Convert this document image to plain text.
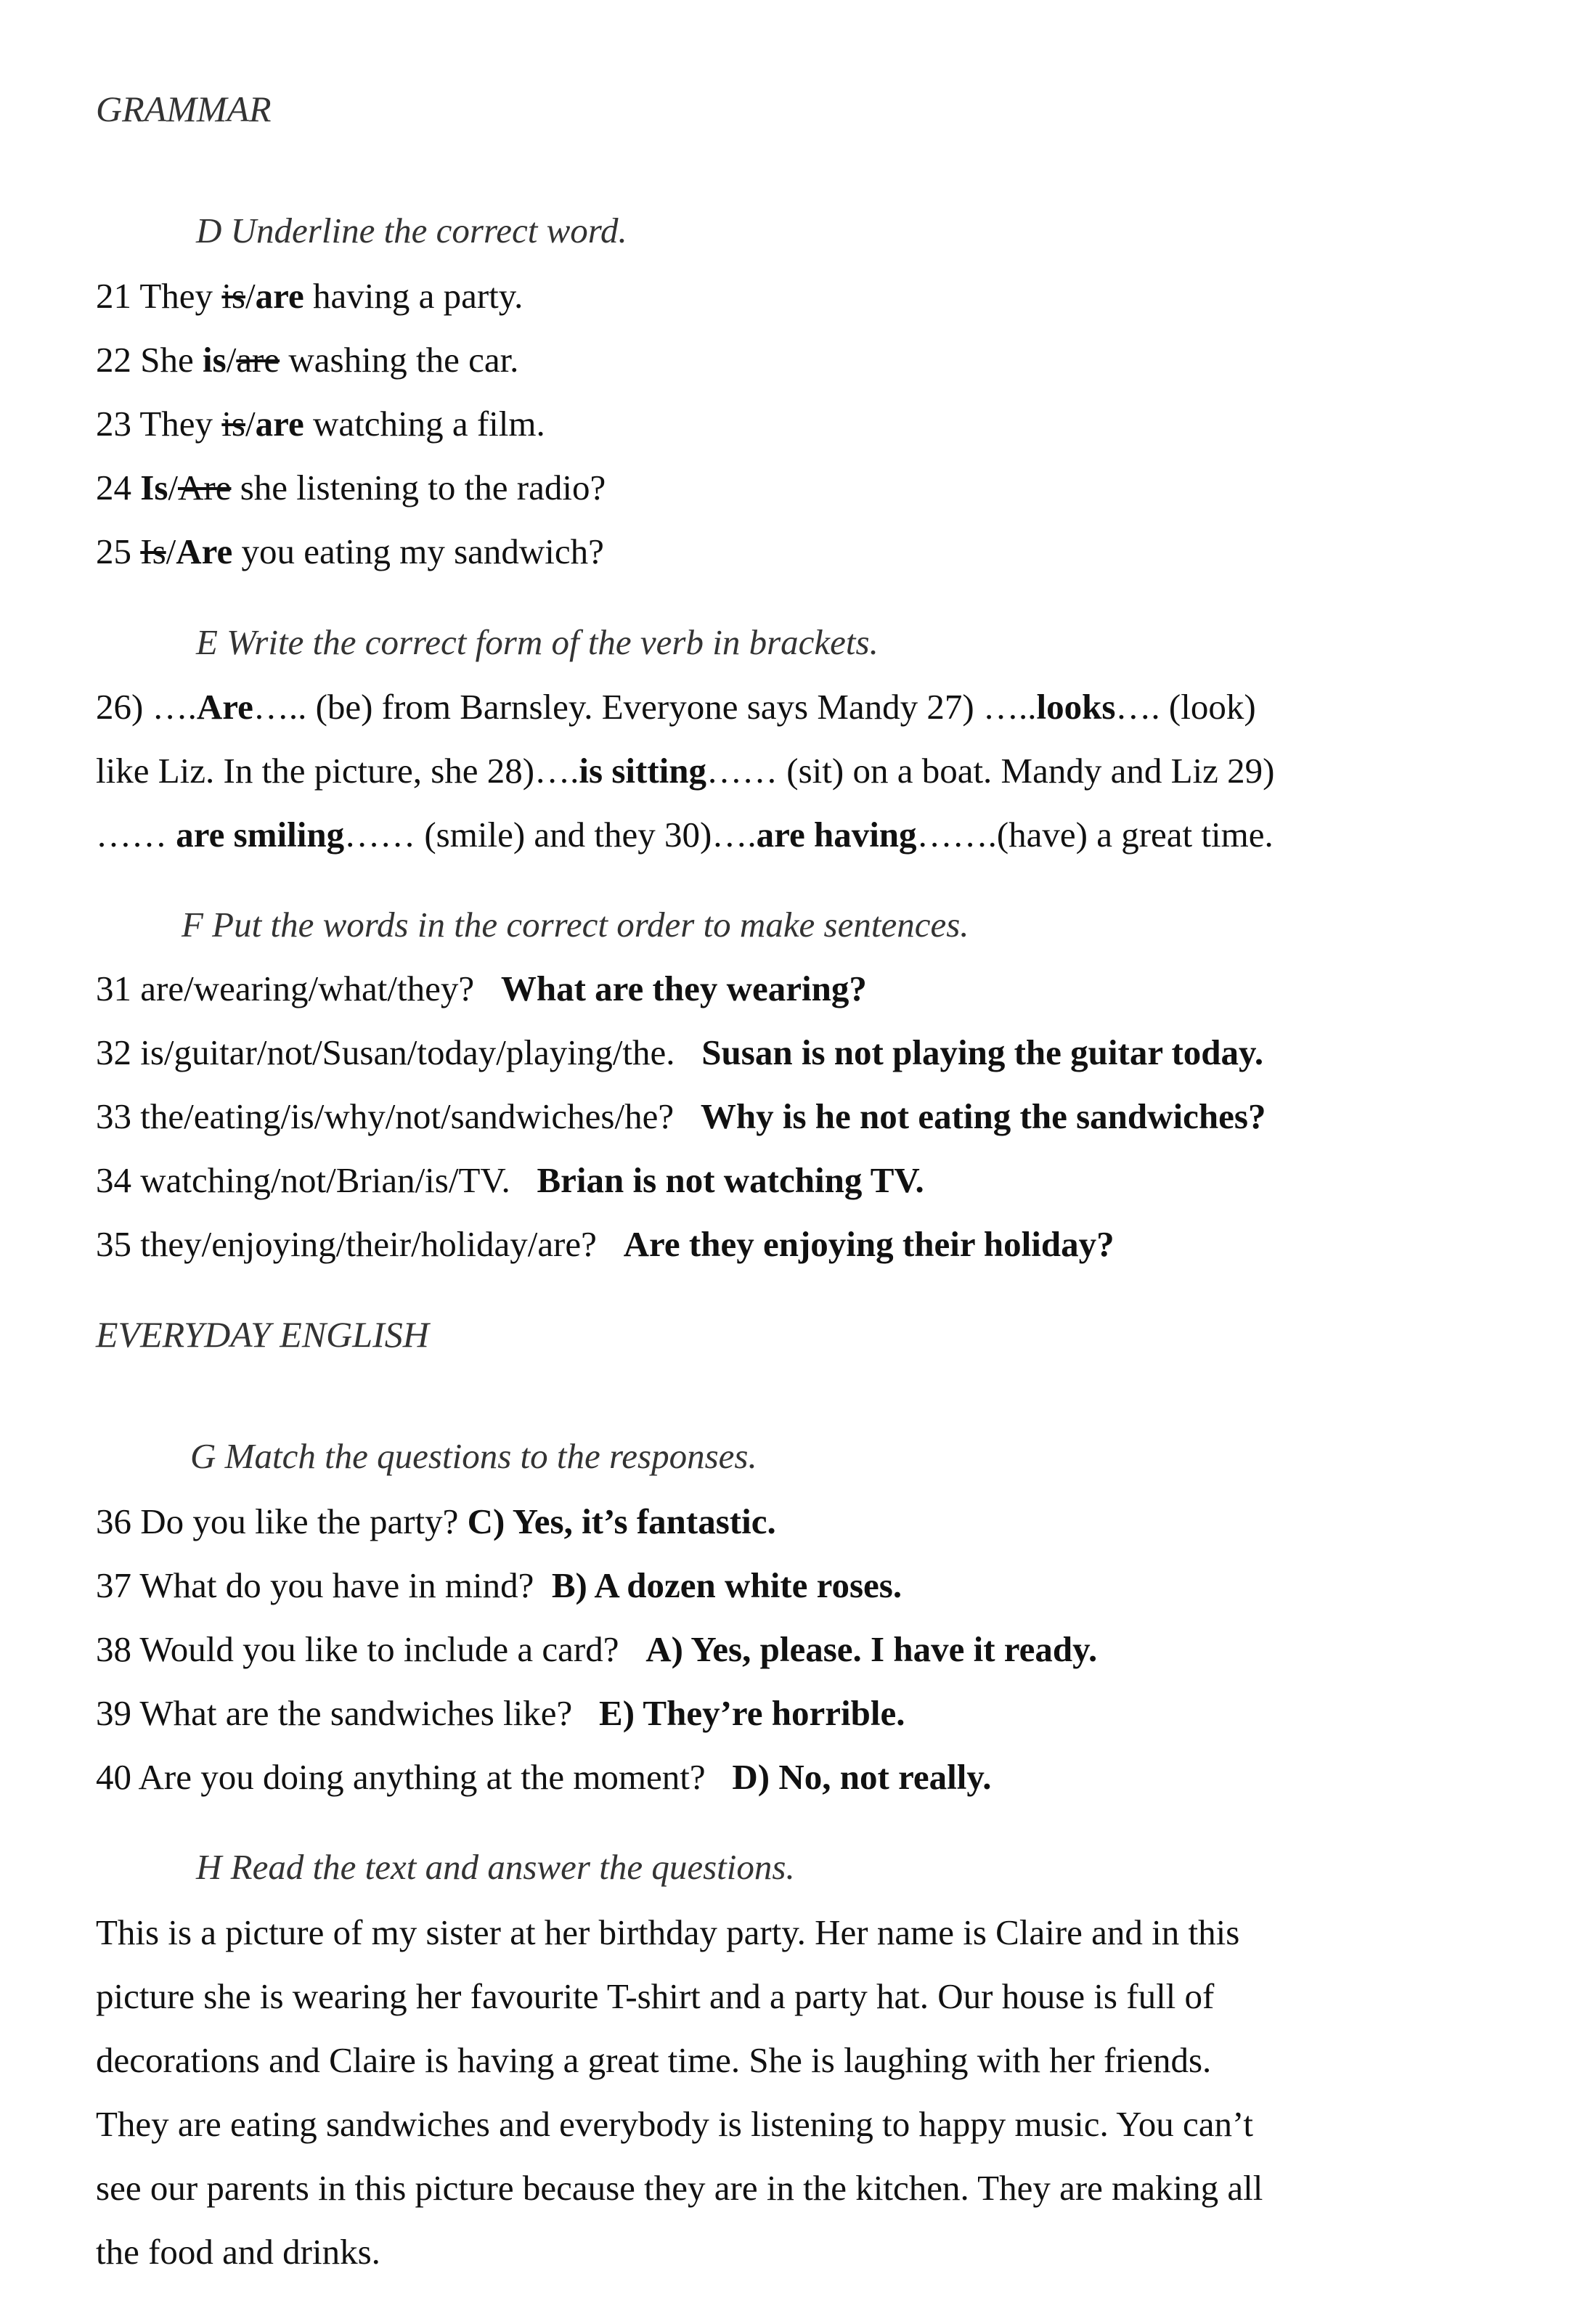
GRAMMAR
D Underline the correct word.
21 They is/are having a party.
22 She is/are washing the car.
23 They is/are watching a film.
24 Is/Are she listening to the radio?
25 Is/Are you eating my sandwich?
E Write the correct form of the verb in brackets.
26) ….Are….. (be) from Barnsley. Everyone says Mandy 27) …..looks…. (look)
like Liz. In the picture, she 28)….is sitting…… (sit) on a boat. Mandy and Liz 29)
…… are smiling…… (smile) and they 30)….are having…….(have) a great time.
F Put the words in the correct order to make sentences.
31 are/wearing/what/they? What are they wearing?
32 is/guitar/not/Susan/today/playing/the. Susan is not playing the guitar today.
33 the/eating/is/why/not/sandwiches/he? Why is he not eating the sandwiches?
34 watching/not/Brian/is/TV. Brian is not watching TV.
35 they/enjoying/their/holiday/are? Are they enjoying their holiday?
EVERYDAY ENGLISH
G Match the questions to the responses.
36 Do you like the party? C) Yes, it’s fantastic.
37 What do you have in mind? B) A dozen white roses.
38 Would you like to include a card? A) Yes, please. I have it ready.
39 What are the sandwiches like? E) They’re horrible.
40 Are you doing anything at the moment? D) No, not really.
H Read the text and answer the questions.
This is a picture of my sister at her birthday party. Her name is Claire and in this
picture she is wearing her favourite T-shirt and a party hat. Our house is full of
decorations and Claire is having a great time. She is laughing with her friends.
They are eating sandwiches and everybody is listening to happy music. You can’t
see our parents in this picture because they are in the kitchen. They are making all
the food and drinks.
